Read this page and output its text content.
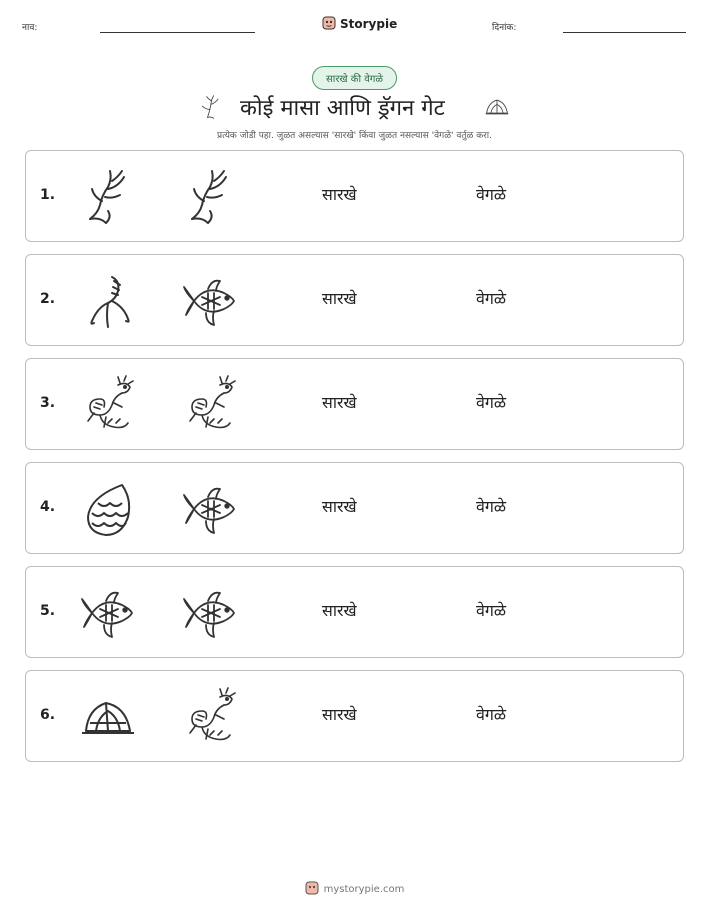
नाव:	Storypie	दिनांक:
सारखे की वेगळे
कोई मासा आणि ड्रॅगन गेट
प्रत्येक जोडी पहा. जुळत असल्यास 'सारखे' किंवा जुळत नसल्यास 'वेगळे' वर्तुळ करा.
1.	सारखे	वेगळे
2.	सारखे	वेगळे
3.	सारखे	वेगळे
4.	सारखे	वेगळे
5.	सारखे	वेगळे
6.	सारखे	वेगळे
mystorypie.com
